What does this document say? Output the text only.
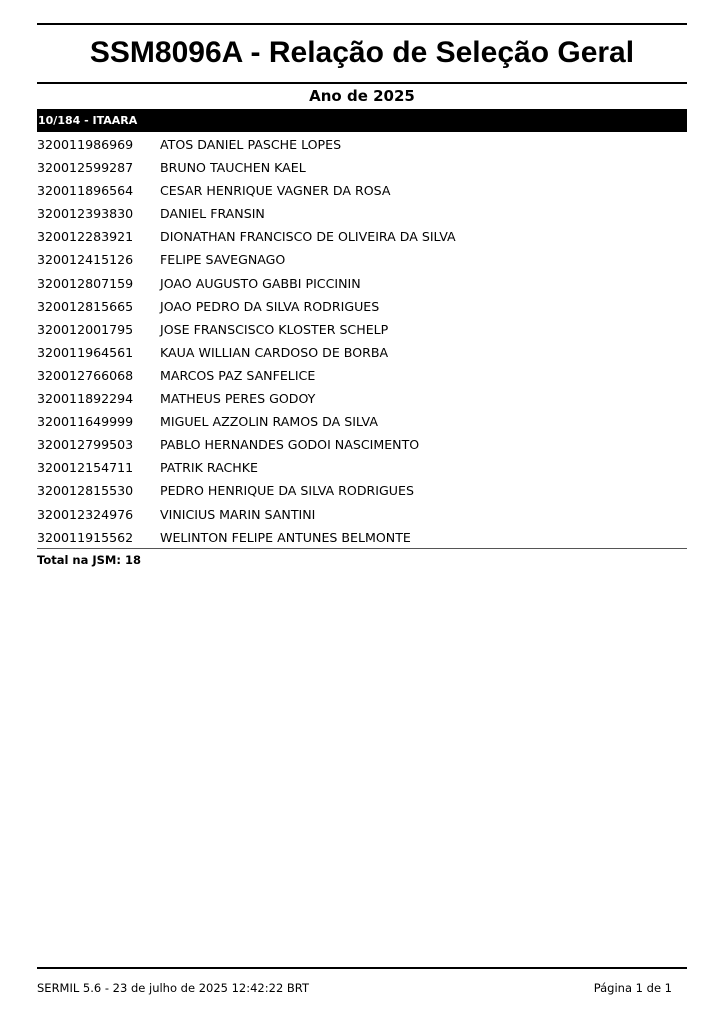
SSM8096A - Relação de Seleção Geral
Ano de 2025
10/184 - ITAARA
320011986969 ATOS DANIEL PASCHE LOPES
320012599287 BRUNO TAUCHEN KAEL
320011896564 CESAR HENRIQUE VAGNER DA ROSA
320012393830 DANIEL FRANSIN
320012283921 DIONATHAN FRANCISCO DE OLIVEIRA DA SILVA
320012415126 FELIPE SAVEGNAGO
320012807159 JOAO AUGUSTO GABBI PICCININ
320012815665 JOAO PEDRO DA SILVA RODRIGUES
320012001795 JOSE FRANSCISCO KLOSTER SCHELP
320011964561 KAUA WILLIAN CARDOSO DE BORBA
320012766068 MARCOS PAZ SANFELICE
320011892294 MATHEUS PERES GODOY
320011649999 MIGUEL AZZOLIN RAMOS DA SILVA
320012799503 PABLO HERNANDES GODOI NASCIMENTO
320012154711 PATRIK RACHKE
320012815530 PEDRO HENRIQUE DA SILVA RODRIGUES
320012324976 VINICIUS MARIN SANTINI
320011915562 WELINTON FELIPE ANTUNES BELMONTE
Total na JSM: 18
SERMIL 5.6 - 23 de julho de 2025 12:42:22 BRT	Página 1 de 1
